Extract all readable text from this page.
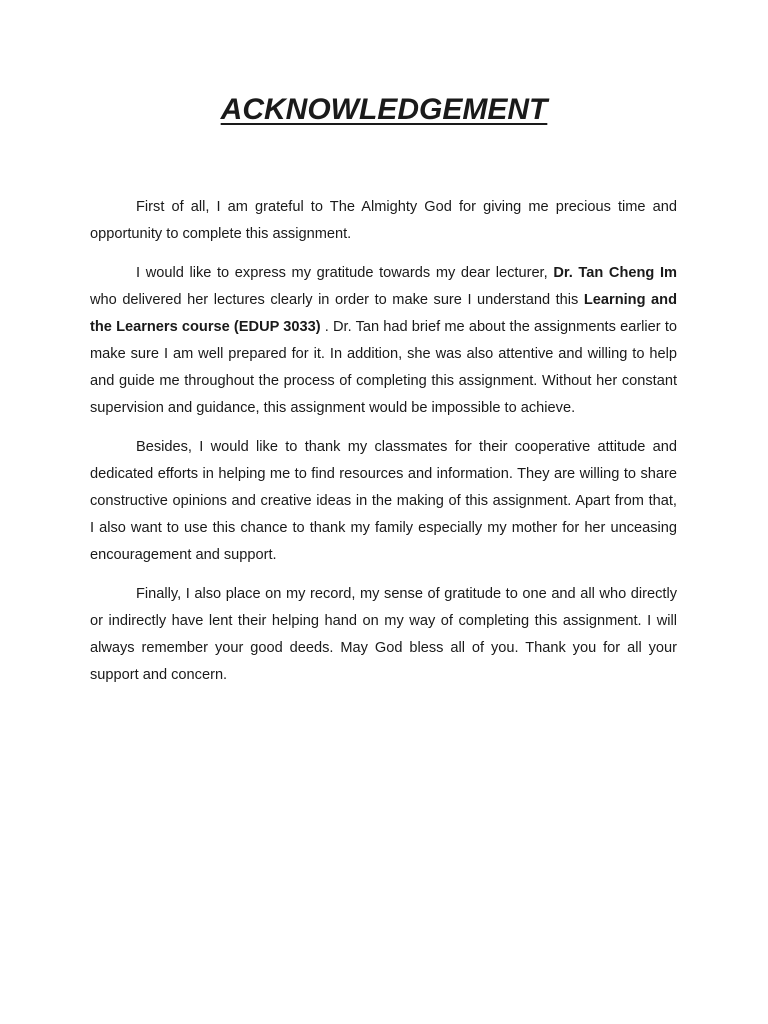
ACKNOWLEDGEMENT

First of all, I am grateful to The Almighty God for giving me precious time and opportunity to complete this assignment.

I would like to express my gratitude towards my dear lecturer, Dr. Tan Cheng Im who delivered her lectures clearly in order to make sure I understand this Learning and the Learners course (EDUP 3033) . Dr. Tan had brief me about the assignments earlier to make sure I am well prepared for it. In addition, she was also attentive and willing to help and guide me throughout the process of completing this assignment. Without her constant supervision and guidance, this assignment would be impossible to achieve.

Besides, I would like to thank my classmates for their cooperative attitude and dedicated efforts in helping me to find resources and information. They are willing to share constructive opinions and creative ideas in the making of this assignment. Apart from that, I also want to use this chance to thank my family especially my mother for her unceasing encouragement and support.

Finally, I also place on my record, my sense of gratitude to one and all who directly or indirectly have lent their helping hand on my way of completing this assignment. I will always remember your good deeds. May God bless all of you. Thank you for all your support and concern.
